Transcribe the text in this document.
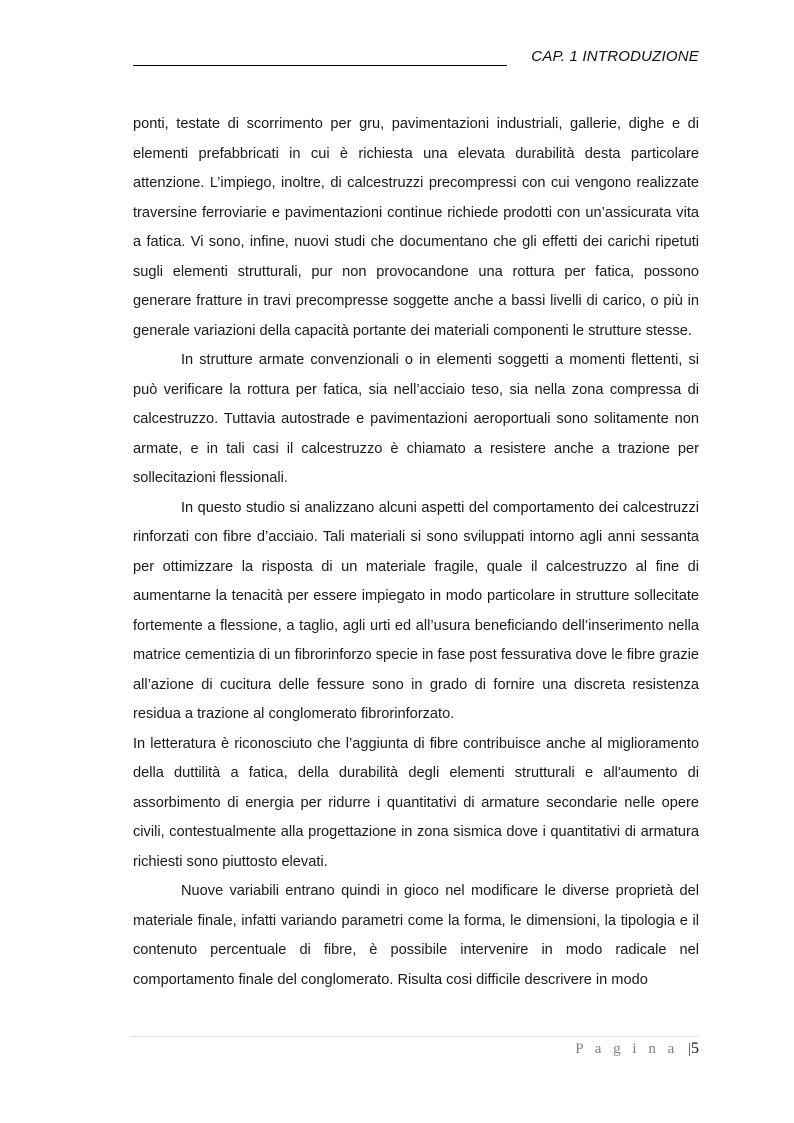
CAP. 1 INTRODUZIONE

ponti, testate di scorrimento per gru, pavimentazioni industriali, gallerie, dighe e di elementi prefabbricati in cui è richiesta una elevata durabilità desta particolare attenzione. L’impiego, inoltre, di calcestruzzi precompressi con cui vengono realizzate traversine ferroviarie e pavimentazioni continue richiede prodotti con un’assicurata vita a fatica. Vi sono, infine, nuovi studi che documentano che gli effetti dei carichi ripetuti sugli elementi strutturali, pur non provocandone una rottura per fatica, possono generare fratture in travi precompresse soggette anche a bassi livelli di carico, o più in generale variazioni della capacità portante dei materiali componenti le strutture stesse.

In strutture armate convenzionali o in elementi soggetti a momenti flettenti, si può verificare la rottura per fatica, sia nell’acciaio teso, sia nella zona compressa di calcestruzzo. Tuttavia autostrade e pavimentazioni aeroportuali sono solitamente non armate, e in tali casi il calcestruzzo è chiamato a resistere anche a trazione per sollecitazioni flessionali.

In questo studio si analizzano alcuni aspetti del comportamento dei calcestruzzi rinforzati con fibre d’acciaio. Tali materiali si sono sviluppati intorno agli anni sessanta per ottimizzare la risposta di un materiale fragile, quale il calcestruzzo al fine di aumentarne la tenacità per essere impiegato in modo particolare in strutture sollecitate fortemente a flessione, a taglio, agli urti ed all’usura beneficiando dell’inserimento nella matrice cementizia di un fibrorinforzo specie in fase post fessurativa dove le fibre grazie all’azione di cucitura delle fessure sono in grado di fornire una discreta resistenza residua a trazione al conglomerato fibrorinforzato.

In letteratura è riconosciuto che l’aggiunta di fibre contribuisce anche al miglioramento della duttilità a fatica, della durabilità degli elementi strutturali e all'aumento di assorbimento di energia per ridurre i quantitativi di armature secondarie nelle opere civili, contestualmente alla progettazione in zona sismica dove i quantitativi di armatura richiesti sono piuttosto elevati.

Nuove variabili entrano quindi in gioco nel modificare le diverse proprietà del materiale finale, infatti variando parametri come la forma, le dimensioni, la tipologia e il contenuto percentuale di fibre, è possibile intervenire in modo radicale nel comportamento finale del conglomerato. Risulta cosi difficile descrivere in modo

P a g i n a |5
